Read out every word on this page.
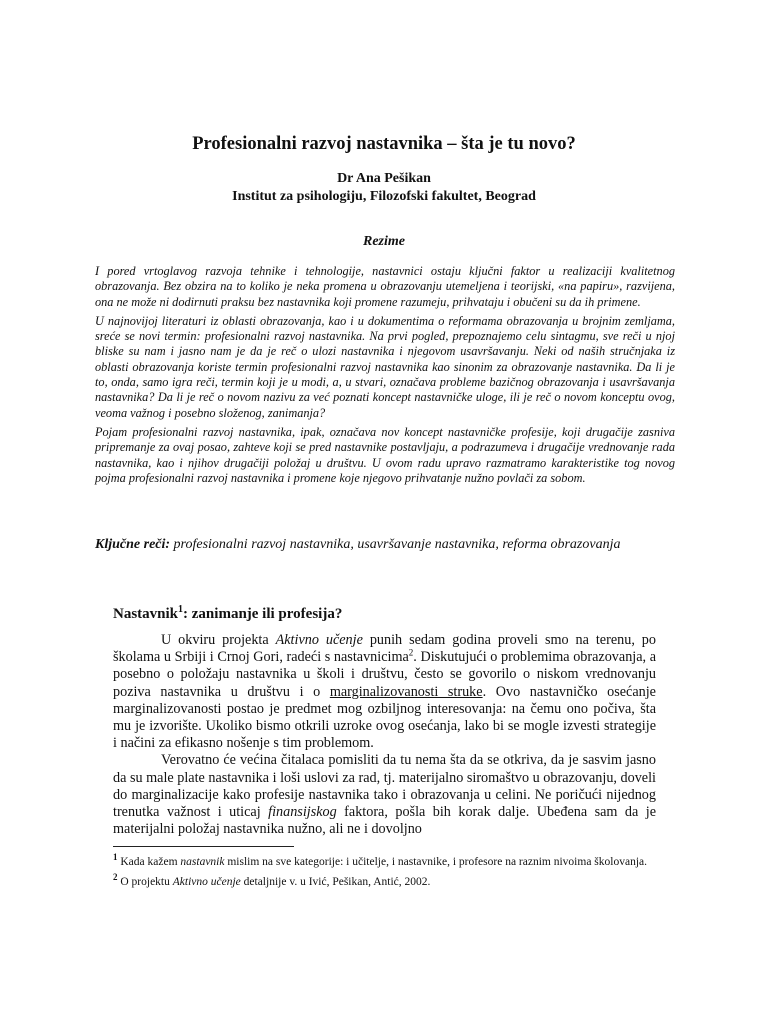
Profesionalni razvoj nastavnika – šta je tu novo?
Dr Ana Pešikan
Institut za psihologiju, Filozofski fakultet, Beograd
Rezime

I pored vrtoglavog razvoja tehnike i tehnologije, nastavnici ostaju ključni faktor u realizaciji kvalitetnog obrazovanja. Bez obzira na to koliko je neka promena u obrazovanju utemeljena i teorijski, «na papiru», razvijena, ona ne može ni dodirnuti praksu bez nastavnika koji promene razumeju, prihvataju i obučeni su da ih primene.

U najnovijoj literaturi iz oblasti obrazovanja, kao i u dokumentima o reformama obrazovanja u brojnim zemljama, sreće se novi termin: profesionalni razvoj nastavnika. Na prvi pogled, prepoznajemo celu sintagmu, sve reči u njoj bliske su nam i jasno nam je da je reč o ulozi nastavnika i njegovom usavršavanju. Neki od naših stručnjaka iz oblasti obrazovanja koriste termin profesionalni razvoj nastavnika kao sinonim za obrazovanje nastavnika. Da li je to, onda, samo igra reči, termin koji je u modi, a, u stvari, označava probleme bazičnog obrazovanja i usavršavanja nastavnika? Da li je reč o novom nazivu za već poznati koncept nastavničke uloge, ili je reč o novom konceptu ovog, veoma važnog i posebno složenog, zanimanja?

Pojam profesionalni razvoj nastavnika, ipak, označava nov koncept nastavničke profesije, koji drugačije zasniva pripremanje za ovaj posao, zahteve koji se pred nastavnike postavljaju, a podrazumeva i drugačije vrednovanje rada nastavnika, kao i njihov drugačiji položaj u društvu. U ovom radu upravo razmatramo karakteristike tog novog pojma profesionalni razvoj nastavnika i promene koje njegovo prihvatanje nužno povlači za sobom.

Ključne reči: profesionalni razvoj nastavnika, usavršavanje nastavnika, reforma obrazovanja
Nastavnik$^1$: zanimanje ili profesija?

U okviru projekta Aktivno učenje punih sedam godina proveli smo na terenu, po školama u Srbiji i Crnoj Gori, radeći s nastavnicima$^2$. Diskutujući o problemima obrazovanja, a posebno o položaju nastavnika u školi i društvu, često se govorilo o niskom vrednovanju poziva nastavnika u društvu i o marginalizovanosti struke. Ovo nastavničko osećanje marginalizovanosti postao je predmet mog ozbiljnog interesovanja: na čemu ono počiva, šta mu je izvorište. Ukoliko bismo otkrili uzroke ovog osećanja, lako bi se mogle izvesti strategije i načini za efikasno nošenje s tim problemom.

Verovatno će većina čitalaca pomisliti da tu nema šta da se otkriva, da je sasvim jasno da su male plate nastavnika i loši uslovi za rad, tj. materijalno siromaštvo u obrazovanju, doveli do marginalizacije kako profesije nastavnika tako i obrazovanja u celini. Ne poričući nijednog trenutka važnost i uticaj finansijskog faktora, pošla bih korak dalje. Ubeđena sam da je materijalni položaj nastavnika nužno, ali ne i dovoljno

$^1$ Kada kažem nastavnik mislim na sve kategorije: i učitelje, i nastavnike, i profesore na raznim nivoima školovanja.

$^2$ O projektu Aktivno učenje detaljnije v. u Ivić, Pešikan, Antić, 2002.
